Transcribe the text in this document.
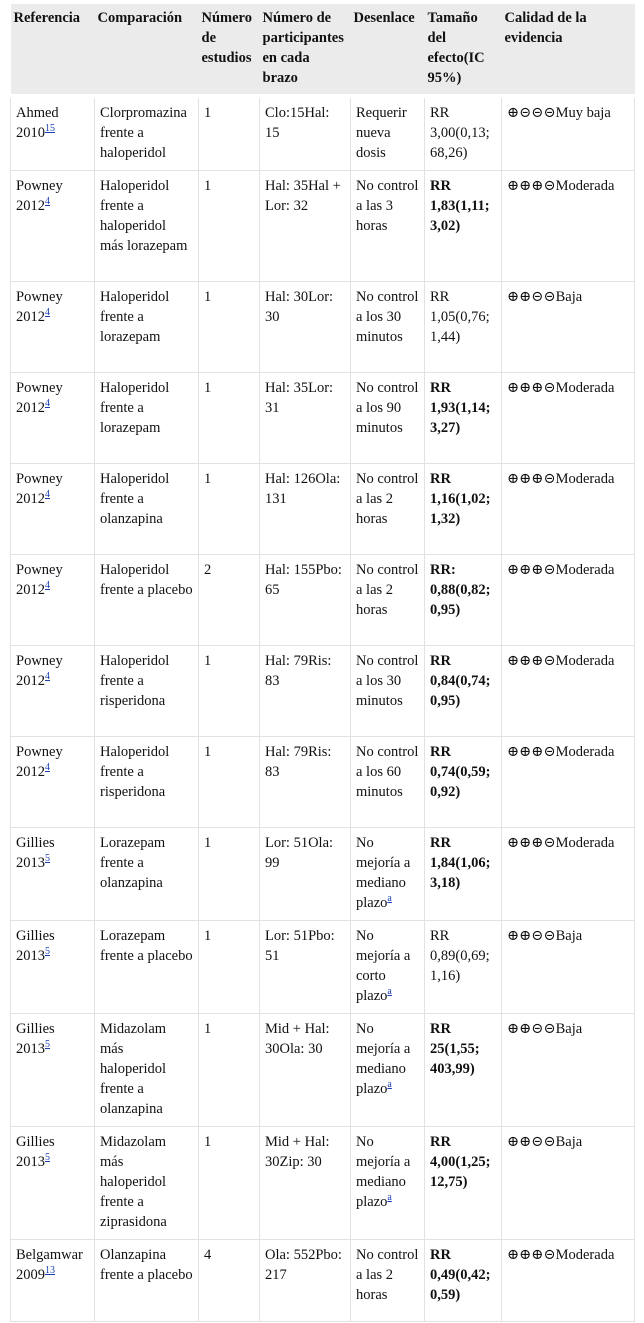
Referencia	Comparación	Número de estudios	Número de participantes en cada brazo	Desenlace	Tamaño del efecto(IC 95%)	Calidad de la evidencia
Ahmed 2010$^{15}$	Clorpromazina frente a haloperidol	1	Clo:15Hal: 15	Requerir nueva dosis	RR 3,00(0,13; 68,26)	⊕⊝⊝⊝Muy baja
Powney 2012$^4$	Haloperidol frente a haloperidol más lorazepam	1	Hal: 35Hal + Lor: 32	No control a las 3 horas	RR 1,83(1,11; 3,02)	⊕⊕⊕⊝Moderada
Powney 2012$^4$	Haloperidol frente a lorazepam	1	Hal: 30Lor: 30	No control a los 30 minutos	RR 1,05(0,76; 1,44)	⊕⊕⊝⊝Baja
Powney 2012$^4$	Haloperidol frente a lorazepam	1	Hal: 35Lor: 31	No control a los 90 minutos	RR 1,93(1,14; 3,27)	⊕⊕⊕⊝Moderada
Powney 2012$^4$	Haloperidol frente a olanzapina	1	Hal: 126Ola: 131	No control a las 2 horas	RR 1,16(1,02; 1,32)	⊕⊕⊕⊝Moderada
Powney 2012$^4$	Haloperidol frente a placebo	2	Hal: 155Pbo: 65	No control a las 2 horas	RR: 0,88(0,82; 0,95)	⊕⊕⊕⊝Moderada
Powney 2012$^4$	Haloperidol frente a risperidona	1	Hal: 79Ris: 83	No control a los 30 minutos	RR 0,84(0,74; 0,95)	⊕⊕⊕⊝Moderada
Powney 2012$^4$	Haloperidol frente a risperidona	1	Hal: 79Ris: 83	No control a los 60 minutos	RR 0,74(0,59; 0,92)	⊕⊕⊕⊝Moderada
Gillies 2013$^5$	Lorazepam frente a olanzapina	1	Lor: 51Ola: 99	No mejoría a mediano plazo$^a$	RR 1,84(1,06; 3,18)	⊕⊕⊕⊝Moderada
Gillies 2013$^5$	Lorazepam frente a placebo	1	Lor: 51Pbo: 51	No mejoría a corto plazo$^a$	RR 0,89(0,69; 1,16)	⊕⊕⊝⊝Baja
Gillies 2013$^5$	Midazolam más haloperidol frente a olanzapina	1	Mid + Hal: 30Ola: 30	No mejoría a mediano plazo$^a$	RR 25(1,55; 403,99)	⊕⊕⊝⊝Baja
Gillies 2013$^5$	Midazolam más haloperidol frente a ziprasidona	1	Mid + Hal: 30Zip: 30	No mejoría a mediano plazo$^a$	RR 4,00(1,25; 12,75)	⊕⊕⊝⊝Baja
Belgamwar 2009$^{13}$	Olanzapina frente a placebo	4	Ola: 552Pbo: 217	No control a las 2 horas	RR 0,49(0,42; 0,59)	⊕⊕⊕⊝Moderada
